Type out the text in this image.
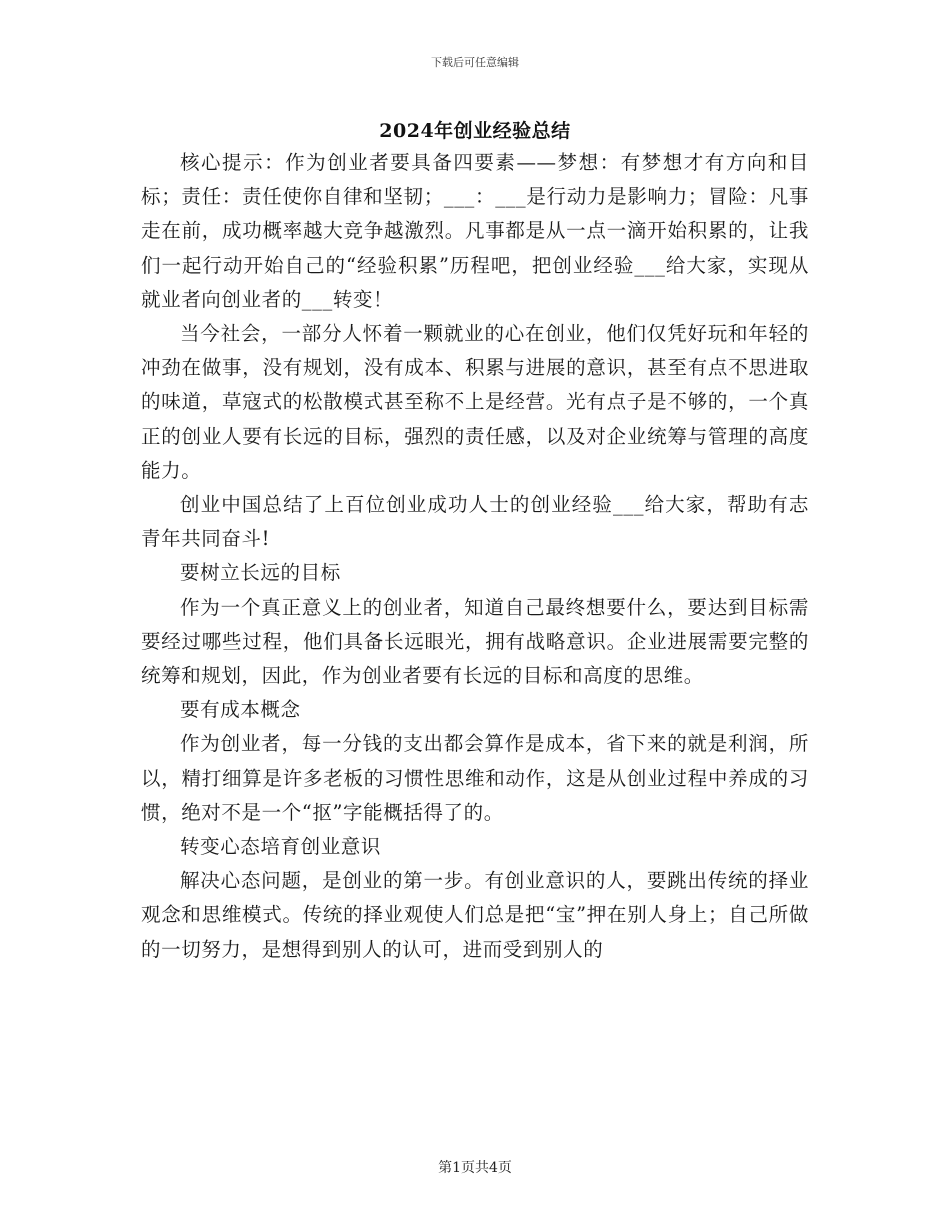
下载后可任意编辑
2024年创业经验总结

核心提示：作为创业者要具备四要素——梦想：有梦想才有方向和目标；责任：责任使你自律和坚韧；___：___是行动力是影响力；冒险：凡事走在前，成功概率越大竞争越激烈。凡事都是从一点一滴开始积累的，让我们一起行动开始自己的“经验积累”历程吧，把创业经验___给大家，实现从就业者向创业者的___转变！

当今社会，一部分人怀着一颗就业的心在创业，他们仅凭好玩和年轻的冲劲在做事，没有规划，没有成本、积累与进展的意识，甚至有点不思进取的味道，草寇式的松散模式甚至称不上是经营。光有点子是不够的，一个真正的创业人要有长远的目标，强烈的责任感，以及对企业统筹与管理的高度能力。

创业中国总结了上百位创业成功人士的创业经验___给大家，帮助有志青年共同奋斗!

要树立长远的目标

作为一个真正意义上的创业者，知道自己最终想要什么，要达到目标需要经过哪些过程，他们具备长远眼光，拥有战略意识。企业进展需要完整的统筹和规划，因此，作为创业者要有长远的目标和高度的思维。

要有成本概念

作为创业者，每一分钱的支出都会算作是成本，省下来的就是利润，所以，精打细算是许多老板的习惯性思维和动作，这是从创业过程中养成的习惯，绝对不是一个“抠”字能概括得了的。

转变心态培育创业意识

解决心态问题，是创业的第一步。有创业意识的人，要跳出传统的择业观念和思维模式。传统的择业观使人们总是把“宝”押在别人身上；自己所做的一切努力，是想得到别人的认可，进而受到别人的

第1页共4页
